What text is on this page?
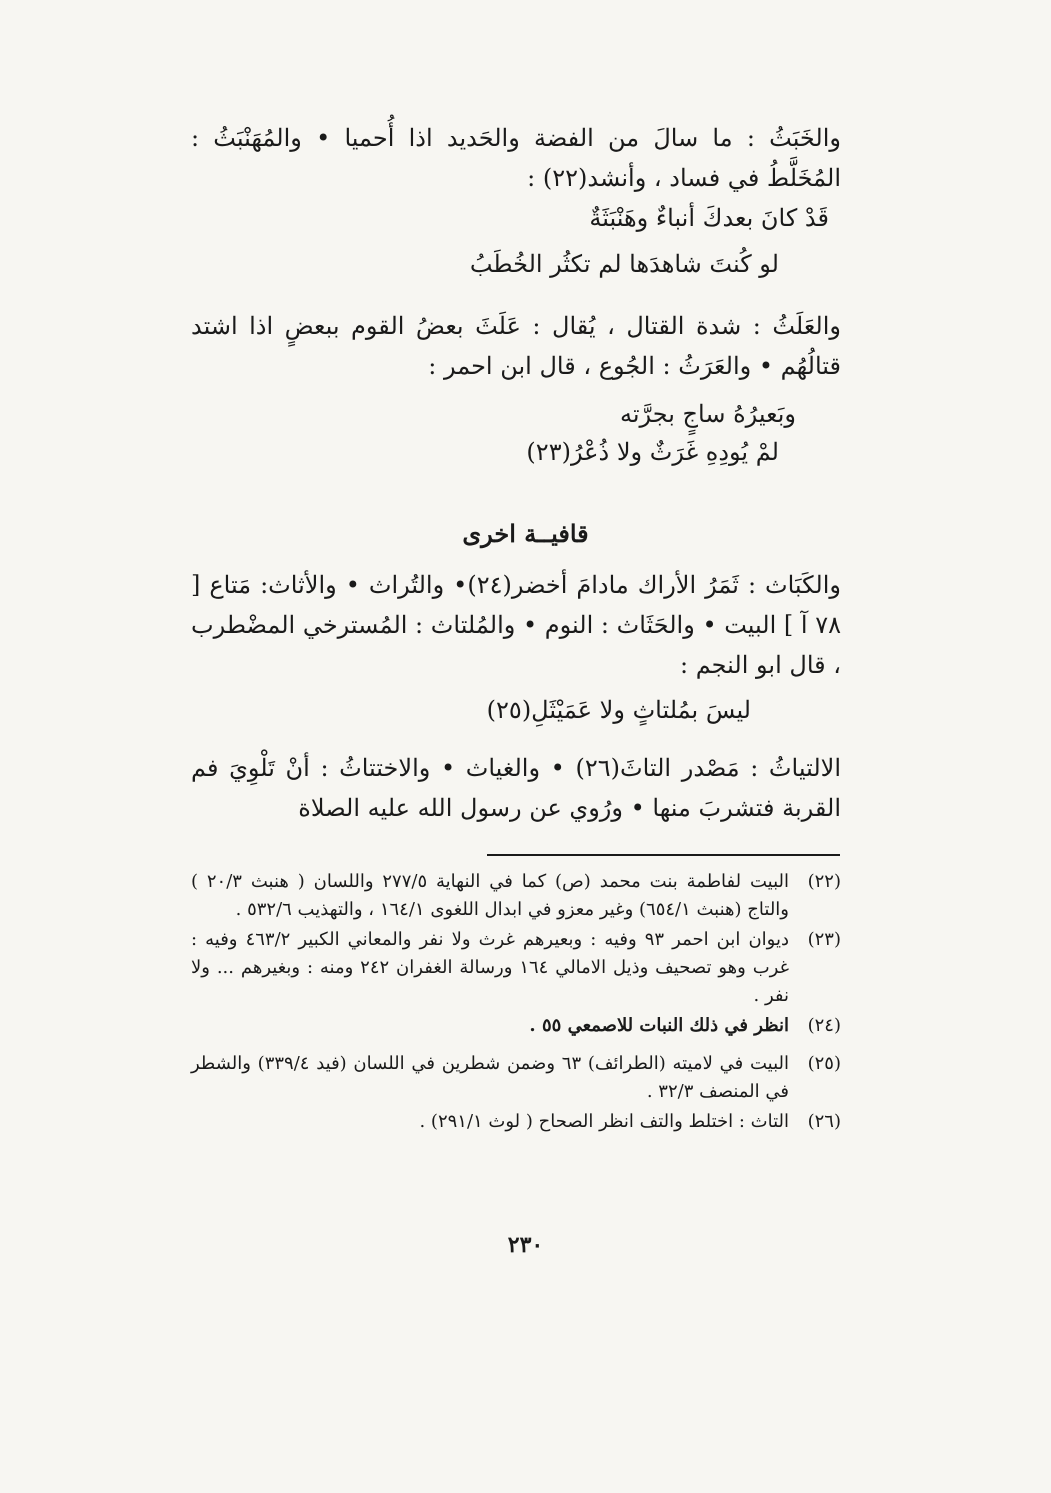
والخَبَثُ : ما سالَ من الفضة والحَديد اذا أُحميا • والمُهَنْبَثُ : المُخَلَّطُ في فساد ، وأنشد(٢٢) :
قَدْ كانَ بعدكَ أنباءٌ وهَنْبَثَةٌ
لو كُنتَ شاهدَها لم تكثُر الخُطَبُ
والعَلَثُ : شدة القتال ، يُقال : عَلَثَ بعضُ القوم ببعضٍ اذا اشتد قتالُهُم • والعَرَثُ : الجُوع ، قال ابن احمر :
وبَعيرُهُ ساجٍ بجرَّته
لمْ يُودِهِ غَرَثٌ ولا ذُعْرُ(٢٣)
قافيــة اخرى
والكَبَاث : ثَمَرُ الأراك مادامَ أخضر(٢٤)• والتُراث • والأثاث: مَتاع [ ٧٨ آ ] البيت • والحَثَاث : النوم • والمُلتاث : المُسترخي المضْطرب ، قال ابو النجم :
ليسَ بمُلتاثٍ ولا عَمَيْثَلِ(٢٥)
الالتياثُ : مَصْدر التاثَ(٢٦) • والغياث • والاختتاثُ : أنْ تَلْوِيَ فم القربة فتشربَ منها • ورُوي عن رسول الله عليه الصلاة
(٢٢)
البيت لفاطمة بنت محمد (ص) كما في النهاية ٢٧٧/٥ واللسان ( هنبث ٢٠/٣ ) والتاج (هنبث ٦٥٤/١) وغير معزو في ابدال اللغوى ١٦٤/١ ، والتهذيب ٥٣٢/٦ .
(٢٣)
ديوان ابن احمر ٩٣ وفيه : وبعيرهم غرث ولا نفر والمعاني الكبير ٤٦٣/٢ وفيه : غرب وهو تصحيف وذيل الامالي ١٦٤ ورسالة الغفران ٢٤٢ ومنه : وبغيرهم ... ولا نفر .
(٢٤)
انظر في ذلك النبات للاصمعي ٥٥ .
(٢٥)
البيت في لاميته (الطرائف) ٦٣ وضمن شطرين في اللسان (فيد ٣٣٩/٤) والشطر في المنصف ٣٢/٣ .
(٢٦)
التاث : اختلط والتف انظر الصحاح ( لوث ٢٩١/١) .
٢٣٠
